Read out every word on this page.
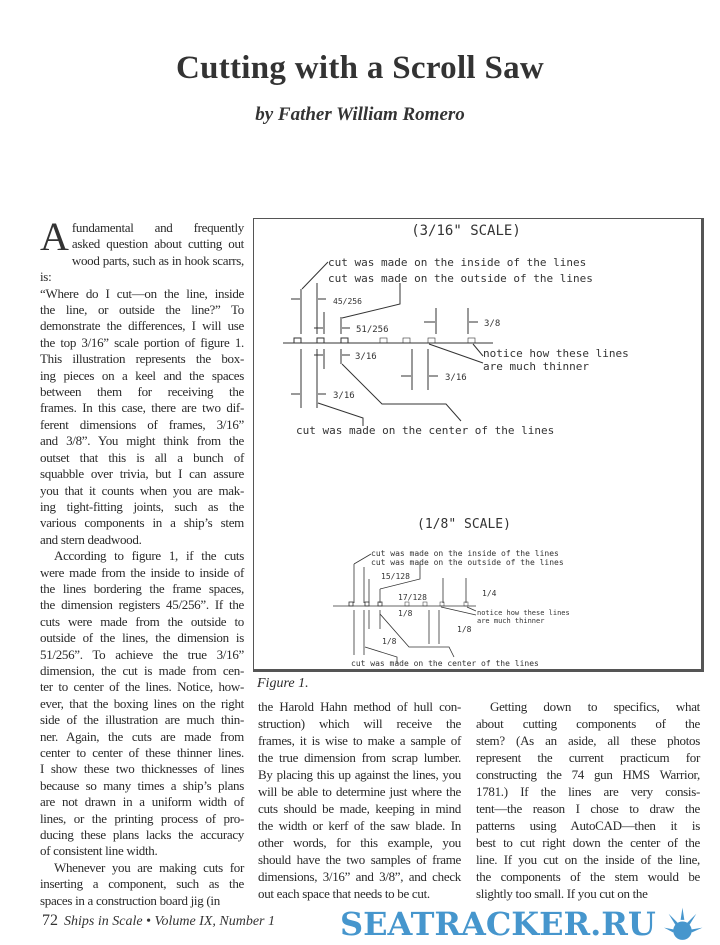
Cutting with a Scroll Saw
by Father William Romero
A fundamental and frequently
asked question about cutting out
wood parts, such as in hook scarrs, is:
“Where do I cut—on the line, inside
the line, or outside the line?” To
demonstrate the differences, I will use
the top 3/16” scale portion of figure 1.
This illustration represents the box-
ing pieces on a keel and the spaces
between them for receiving the
frames. In this case, there are two dif-
ferent dimensions of frames, 3/16”
and 3/8”. You might think from the
outset that this is all a bunch of
squabble over trivia, but I can assure
you that it counts when you are mak-
ing tight-fitting joints, such as the
various components in a ship’s stem
and stern deadwood.
According to figure 1, if the cuts
were made from the inside to inside of
the lines bordering the frame spaces,
the dimension registers 45/256”. If the
cuts were made from the outside to
outside of the lines, the dimension is
51/256”. To achieve the true 3/16”
dimension, the cut is made from cen-
ter to center of the lines. Notice, how-
ever, that the boxing lines on the right
side of the illustration are much thin-
ner. Again, the cuts are made from
center to center of these thinner lines.
I show these two thicknesses of lines
because so many times a ship’s plans
are not drawn in a uniform width of
lines, or the printing process of pro-
ducing these plans lacks the accuracy
of consistent line width.
Whenever you are making cuts for
inserting a component, such as the
spaces in a construction board jig (in
the Harold Hahn method of hull con-
struction) which will receive the
frames, it is wise to make a sample of
the true dimension from scrap lumber.
By placing this up against the lines, you
will be able to determine just where the
cuts should be made, keeping in mind
the width or kerf of the saw blade. In
other words, for this example, you
should have the two samples of frame
dimensions, 3/16” and 3/8”, and check
out each space that needs to be cut.
Getting down to specifics, what
about cutting components of the
stem? (As an aside, all these photos
represent the current practicum for
constructing the 74 gun HMS Warrior,
1781.) If the lines are very consis-
tent—the reason I chose to draw the
patterns using AutoCAD—then it is
best to cut right down the center of the
line. If you cut on the inside of the line,
the components of the stem would be
slightly too small. If you cut on the
(3/16" SCALE)
cut was made on the inside of the lines
cut was made on the outside of the lines
45/256
51/256
3/8
3/16
3/16
3/16
notice how these lines
are much thinner
cut was made on the center of the lines
(1/8" SCALE)
cut was made on the inside of the lines
cut was made on the outside of the lines
15/128
17/128	1/4
1/8
1/8
1/8
notice how these lines
are much thinner
cut was made on the center of the lines
Figure 1.
72 Ships in Scale • Volume IX, Number 1 SEATRACKER.RU
